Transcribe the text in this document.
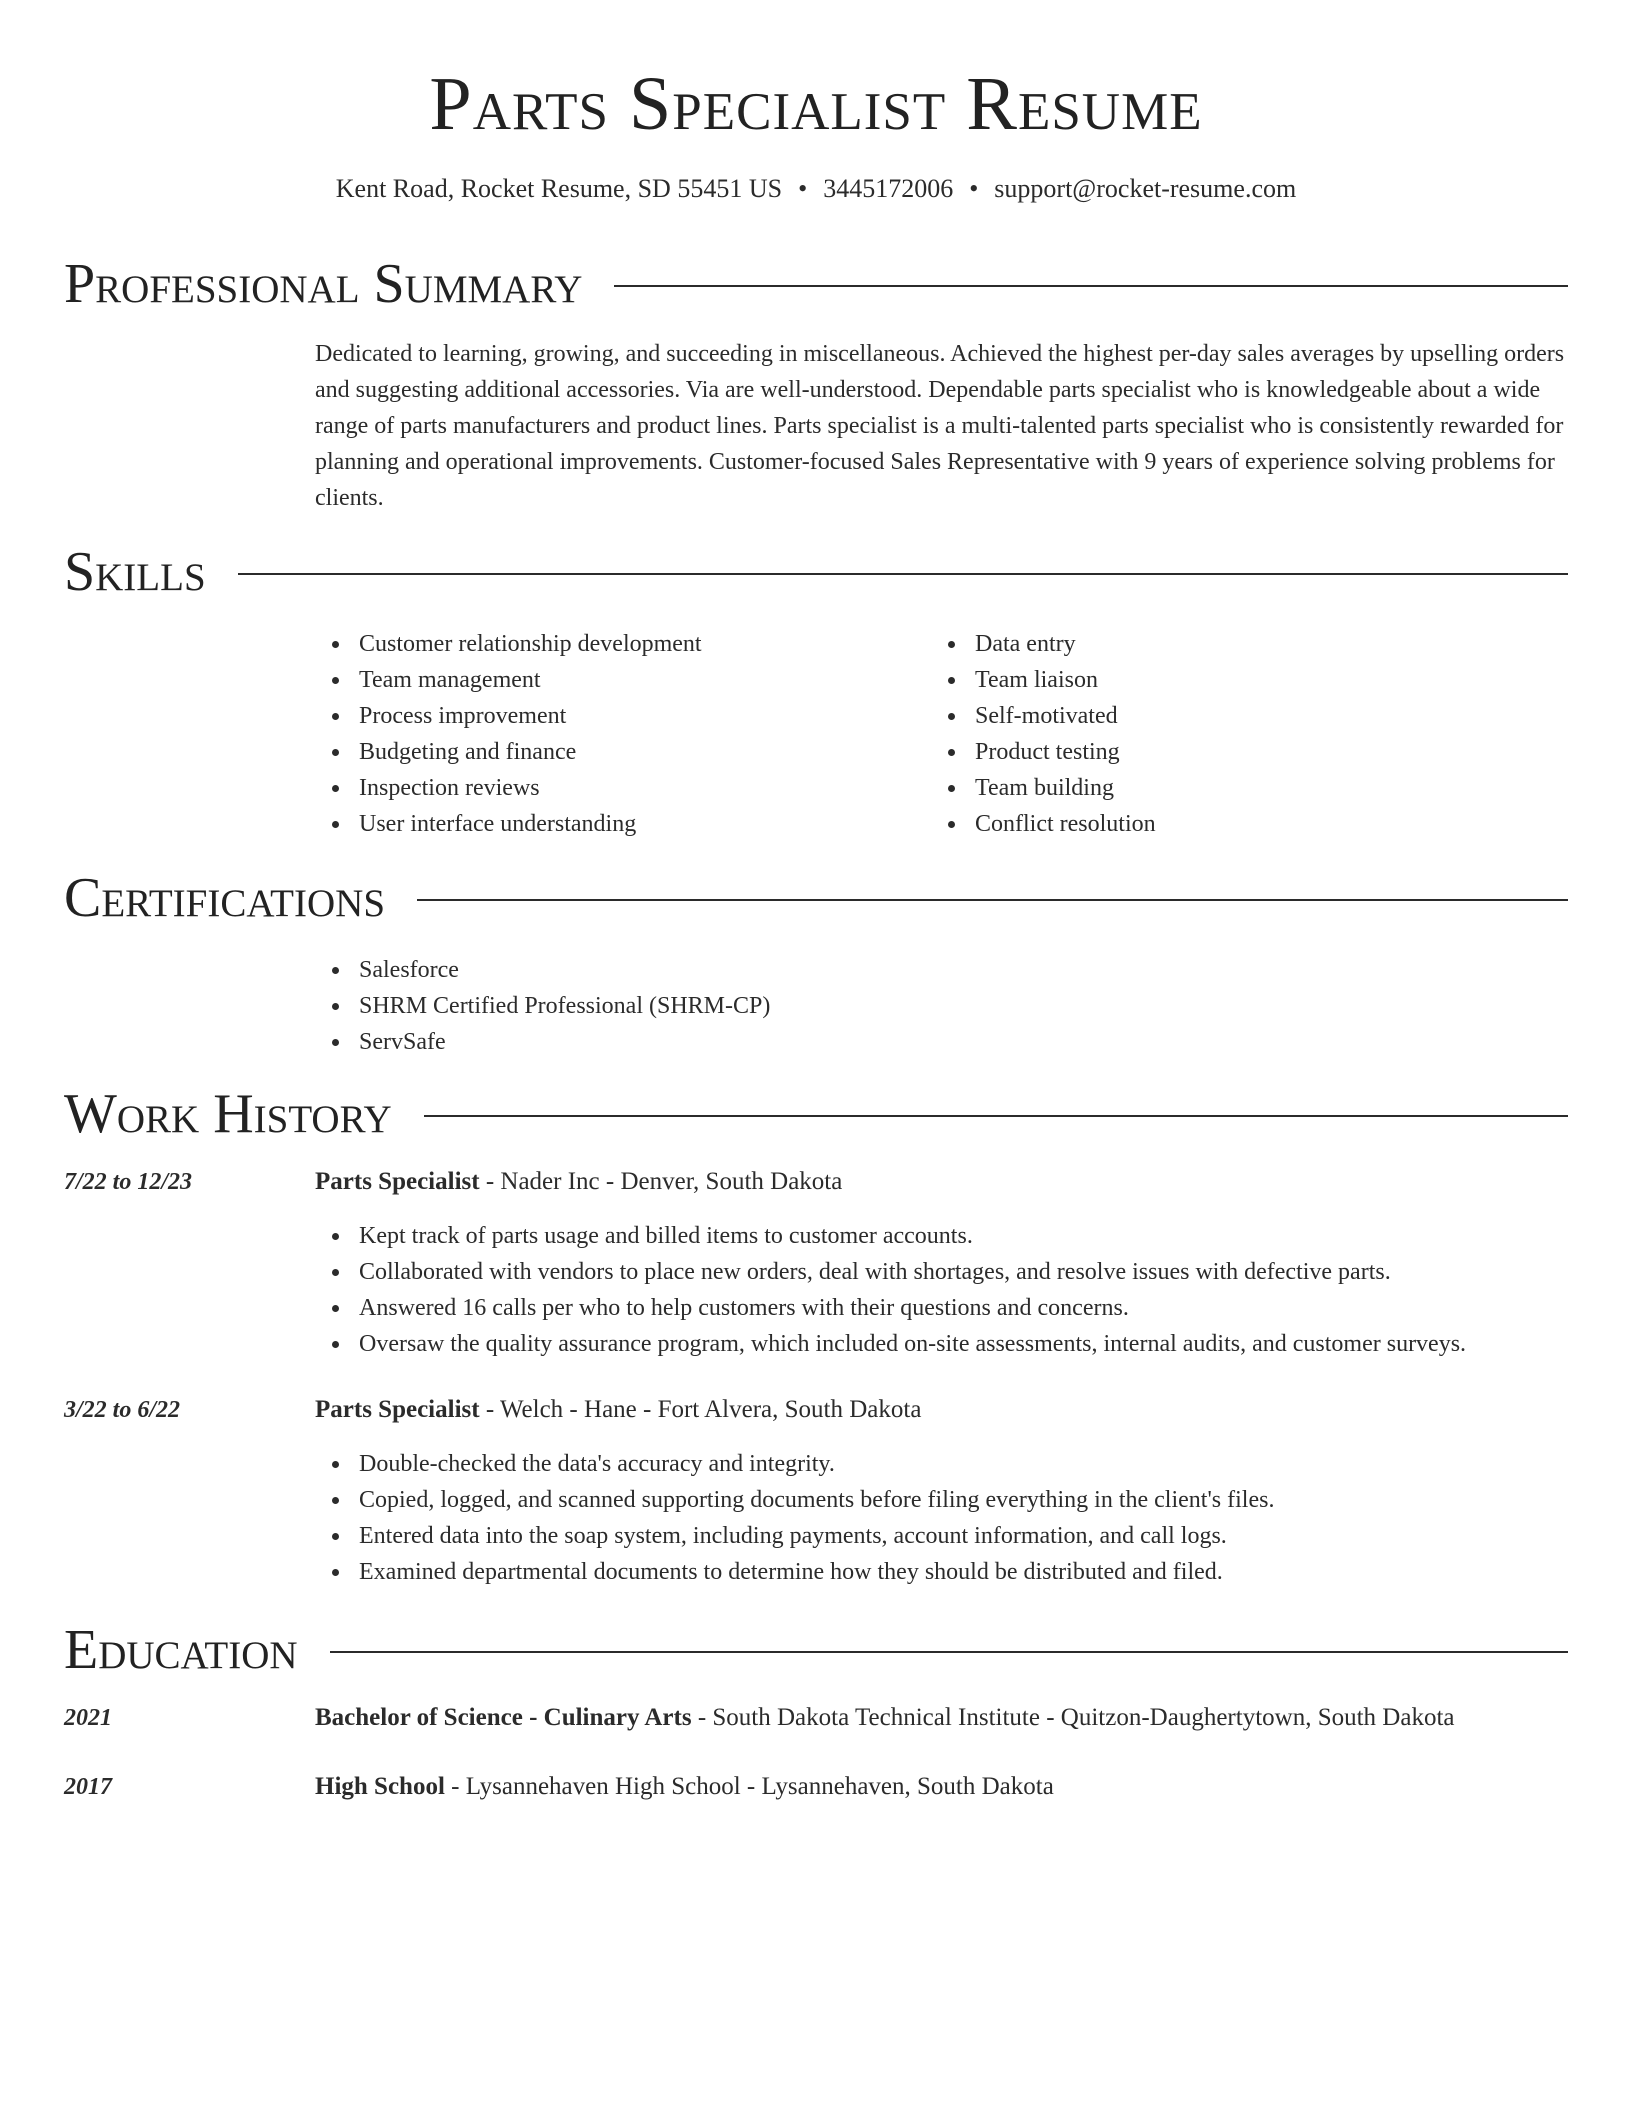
Parts Specialist Resume
Kent Road, Rocket Resume, SD 55451 US • 3445172006 • support@rocket-resume.com
Professional Summary

Dedicated to learning, growing, and succeeding in miscellaneous. Achieved the highest per-day sales averages by upselling orders and suggesting additional accessories. Via are well-understood. Dependable parts specialist who is knowledgeable about a wide range of parts manufacturers and product lines. Parts specialist is a multi-talented parts specialist who is consistently rewarded for planning and operational improvements. Customer-focused Sales Representative with 9 years of experience solving problems for clients.

Skills
Customer relationship development
Team management
Process improvement
Budgeting and finance
Inspection reviews
User interface understanding
Data entry
Team liaison
Self-motivated
Product testing
Team building
Conflict resolution
Certifications
Salesforce
SHRM Certified Professional (SHRM-CP)
ServSafe
Work History
7/22 to 12/23	Parts Specialist - Nader Inc - Denver, South Dakota
Kept track of parts usage and billed items to customer accounts.
Collaborated with vendors to place new orders, deal with shortages, and resolve issues with defective parts.
Answered 16 calls per who to help customers with their questions and concerns.
Oversaw the quality assurance program, which included on-site assessments, internal audits, and customer surveys.
3/22 to 6/22	Parts Specialist - Welch - Hane - Fort Alvera, South Dakota
Double-checked the data's accuracy and integrity.
Copied, logged, and scanned supporting documents before filing everything in the client's files.
Entered data into the soap system, including payments, account information, and call logs.
Examined departmental documents to determine how they should be distributed and filed.
Education
2021	Bachelor of Science - Culinary Arts - South Dakota Technical Institute - Quitzon-Daughertytown, South Dakota
2017	High School - Lysannehaven High School - Lysannehaven, South Dakota
